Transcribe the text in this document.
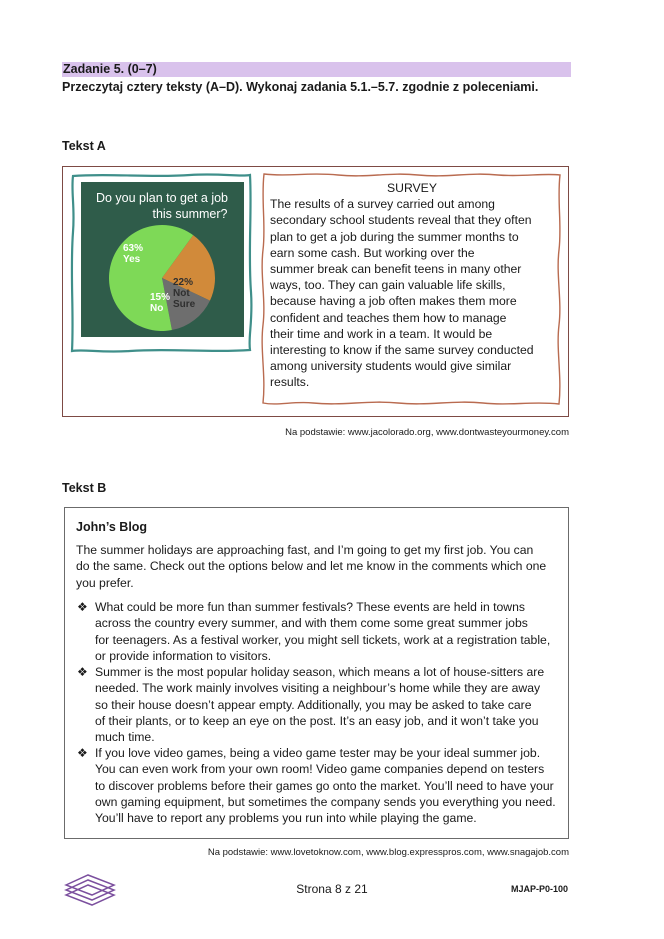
Zadanie 5. (0–7)
Przeczytaj cztery teksty (A–D). Wykonaj zadania 5.1.–5.7. zgodnie z poleceniami.
Tekst A
Do you plan to get a job
this summer?
22%
Not
Sure
15%
No
63%
Yes
SURVEY
The results of a survey carried out among
secondary school students reveal that they often
plan to get a job during the summer months to
earn some cash. But working over the
summer break can benefit teens in many other
ways, too. They can gain valuable life skills,
because having a job often makes them more
confident and teaches them how to manage
their time and work in a team. It would be
interesting to know if the same survey conducted
among university students would give similar
results.
Na podstawie: www.jacolorado.org, www.dontwasteyourmoney.com
Tekst B
John’s Blog
The summer holidays are approaching fast, and I’m going to get my first job. You can
do the same. Check out the options below and let me know in the comments which one
you prefer.
❖ What could be more fun than summer festivals? These events are held in towns
across the country every summer, and with them come some great summer jobs
for teenagers. As a festival worker, you might sell tickets, work at a registration table,
or provide information to visitors.
❖ Summer is the most popular holiday season, which means a lot of house-sitters are
needed. The work mainly involves visiting a neighbour’s home while they are away
so their house doesn’t appear empty. Additionally, you may be asked to take care
of their plants, or to keep an eye on the post. It’s an easy job, and it won’t take you
much time.
❖ If you love video games, being a video game tester may be your ideal summer job.
You can even work from your own room! Video game companies depend on testers
to discover problems before their games go onto the market. You’ll need to have your
own gaming equipment, but sometimes the company sends you everything you need.
You’ll have to report any problems you run into while playing the game.
Na podstawie: www.lovetoknow.com, www.blog.expresspros.com, www.snagajob.com
Strona 8 z 21	MJAP-P0-100
